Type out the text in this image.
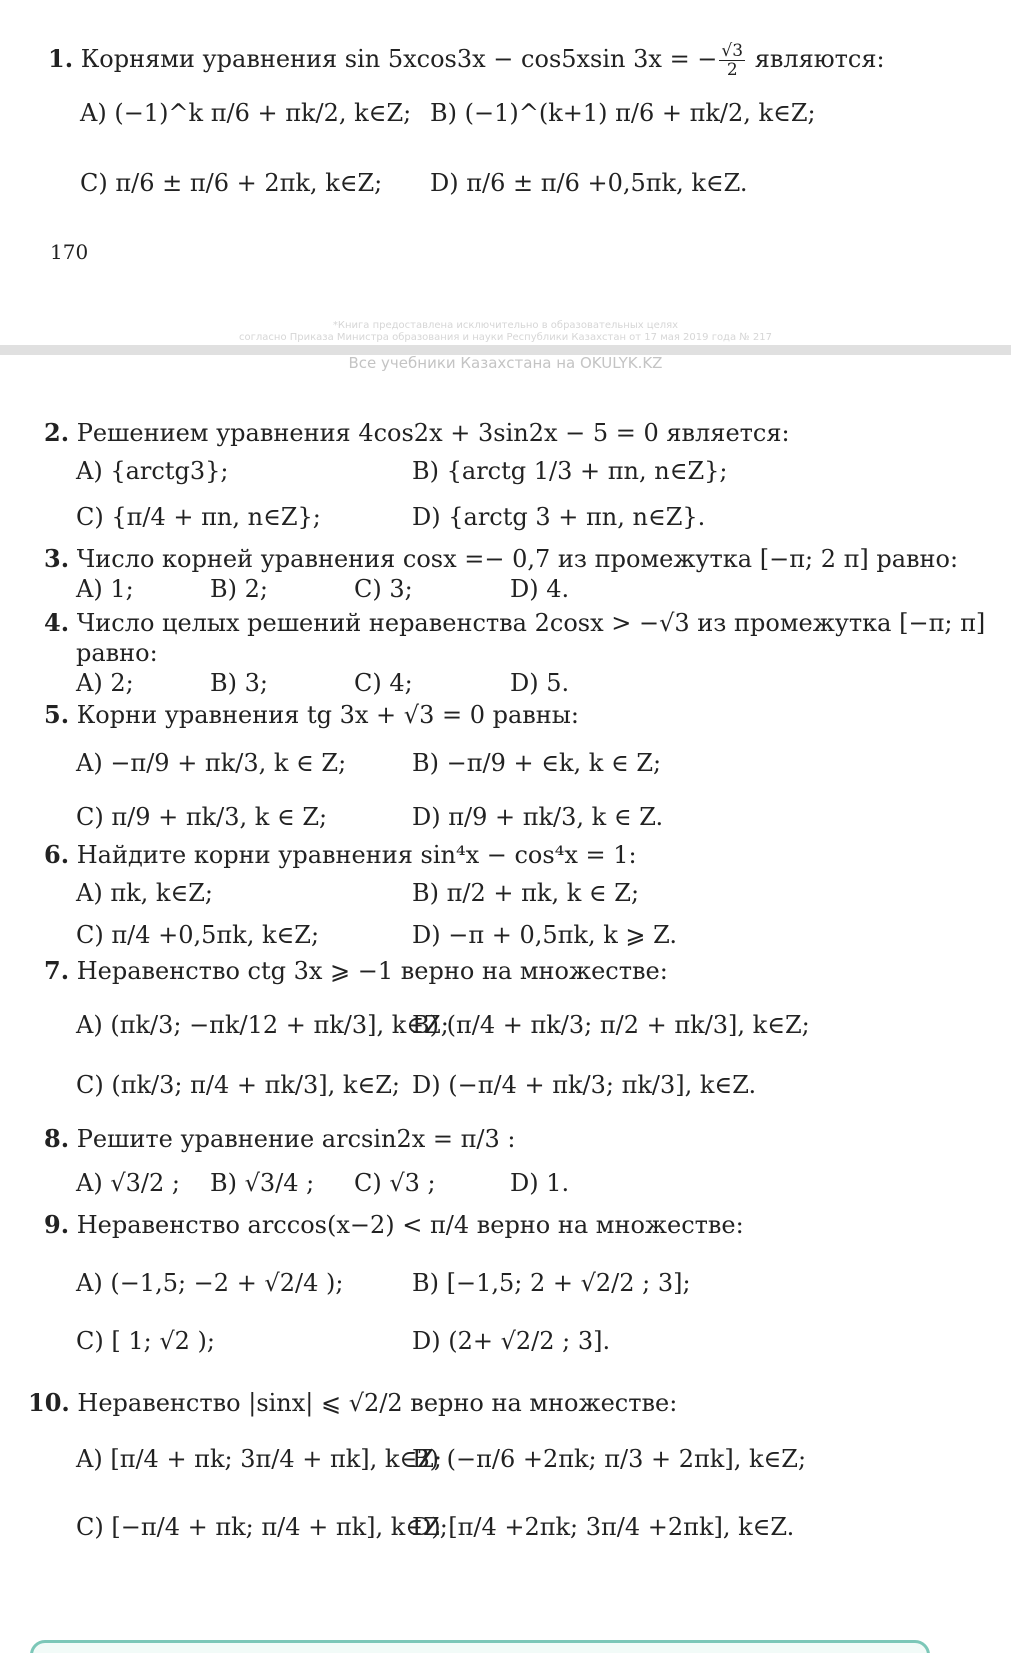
1. Корнями уравнения sin 5xcos3x − cos5xsin 3x = − $\frac{√3}{2}$ являются:
A) (−1)^k π/6 + πk/2, k∈Z; B) (−1)^(k+1) π/6 + πk/2, k∈Z;
C) π/6 ± π/6 + 2πk, k∈Z; D) π/6 ± π/6 +0,5πk, k∈Z.
170
*Книга предоставлена исключительно в образовательных целях
согласно Приказа Министра образования и науки Республики Казахстан от 17 мая 2019 года № 217
Все учебники Казахстана на OKULYK.KZ
2. Решением уравнения 4cos2x + 3sin2x − 5 = 0 является:
A) {arctg3};	B) {arctg 1/3 + πn, n∈Z};
C) {π/4 + πn, n∈Z};	D) {arctg 3 + πn, n∈Z}.
3. Число корней уравнения cosx =− 0,7 из промежутка [−π; 2 π] равно:
A) 1;	B) 2;	C) 3;	D) 4.
4. Число целых решений неравенства 2cosx > −√3 из промежутка [−π; π]
равно:
A) 2;	B) 3;	C) 4;	D) 5.
5. Корни уравнения tg 3x + √3 = 0 равны:
A) −π/9 + πk/3, k ∈ Z;	B) −π/9 + ∈k, k ∈ Z;
C) π/9 + πk/3, k ∈ Z;	D) π/9 + πk/3, k ∈ Z.
6. Найдите корни уравнения sin⁴x − cos⁴x = 1:
A) πk, k∈Z;	B) π/2 + πk, k ∈ Z;
C) π/4 +0,5πk, k∈Z;	D) −π + 0,5πk, k ⩾ Z.
7. Неравенство ctg 3x ⩾ −1 верно на множестве:
A) (πk/3; −πk/12 + πk/3], k∈Z;
B) (π/4 + πk/3; π/2 + πk/3], k∈Z;
C) (πk/3; π/4 + πk/3], k∈Z; D) (−π/4 + πk/3; πk/3], k∈Z.
8. Решите уравнение arcsin2x = π/3 :
A) √3/2 ; B) √3/4 ; C) √3 ;	D) 1.
9. Неравенство arccos(x−2) < π/4 верно на множестве:
A) (−1,5; −2 + √2/4 );	B) [−1,5; 2 + √2/2 ; 3];
C) [ 1; √2 );	D) (2+ √2/2 ; 3].
10. Неравенство |sinx| ⩽ √2/2 верно на множестве:
A) [π/4 + πk; 3π/4 + πk], k∈Z;
B) (−π/6 +2πk; π/3 + 2πk], k∈Z;
C) [−π/4 + πk; π/4 + πk], k∈Z;
D) [π/4 +2πk; 3π/4 +2πk], k∈Z.
